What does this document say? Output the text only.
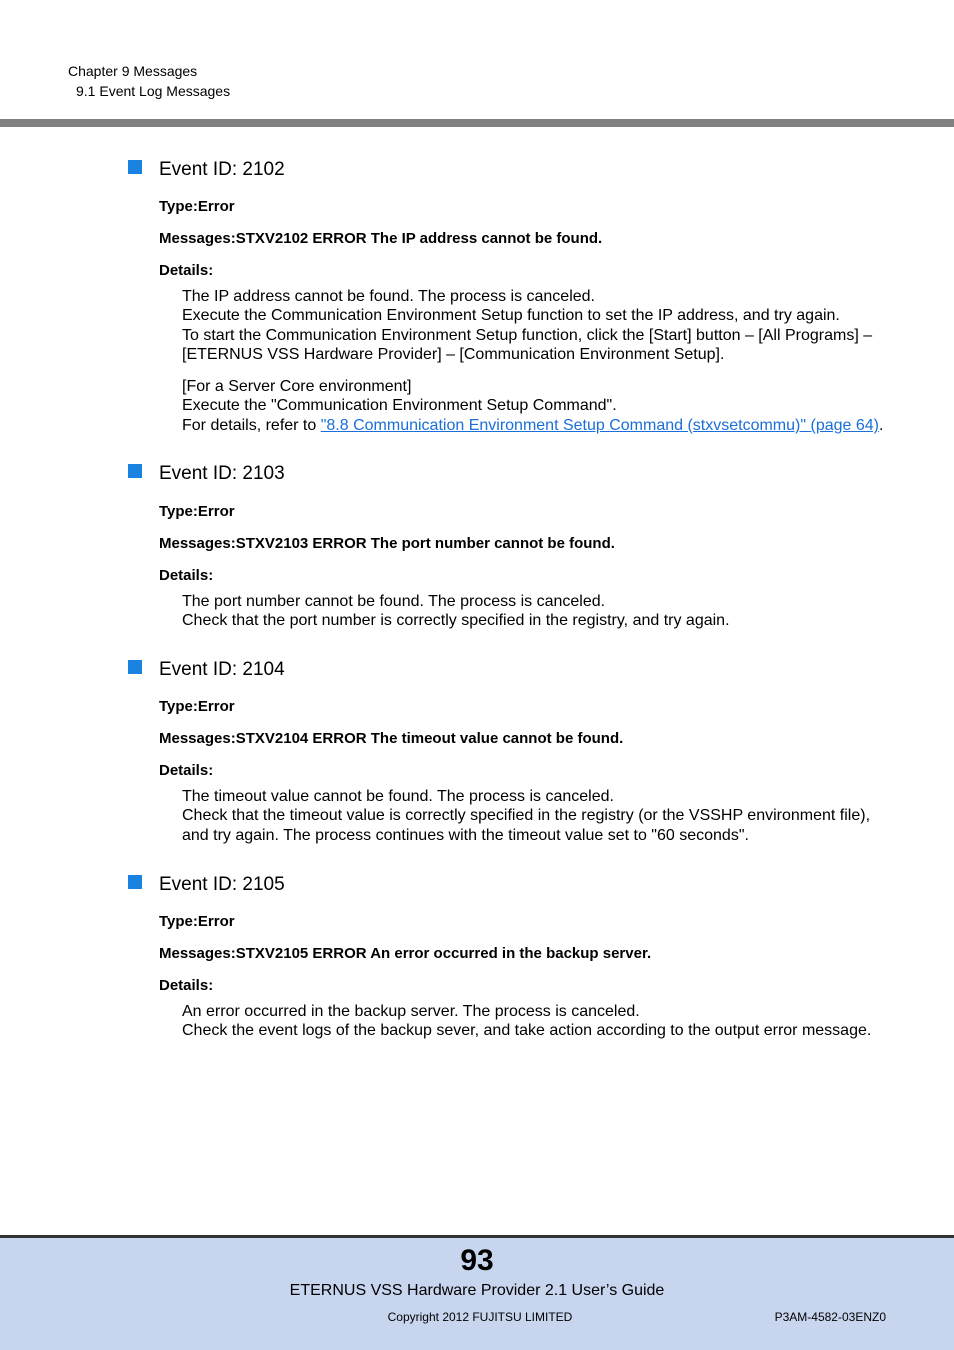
Chapter 9 Messages
9.1 Event Log Messages
Event ID: 2102
Type:Error
Messages:STXV2102 ERROR The IP address cannot be found.
Details:
The IP address cannot be found. The process is canceled.
Execute the Communication Environment Setup function to set the IP address, and try again.
To start the Communication Environment Setup function, click the [Start] button – [All Programs] –
[ETERNUS VSS Hardware Provider] – [Communication Environment Setup].
[For a Server Core environment]
Execute the "Communication Environment Setup Command".
For details, refer to "8.8 Communication Environment Setup Command (stxvsetcommu)" (page 64).
Event ID: 2103
Type:Error
Messages:STXV2103 ERROR The port number cannot be found.
Details:
The port number cannot be found. The process is canceled.
Check that the port number is correctly specified in the registry, and try again.
Event ID: 2104
Type:Error
Messages:STXV2104 ERROR The timeout value cannot be found.
Details:
The timeout value cannot be found. The process is canceled.
Check that the timeout value is correctly specified in the registry (or the VSSHP environment file),
and try again. The process continues with the timeout value set to "60 seconds".
Event ID: 2105
Type:Error
Messages:STXV2105 ERROR An error occurred in the backup server.
Details:
An error occurred in the backup server. The process is canceled.
Check the event logs of the backup sever, and take action according to the output error message.
93
ETERNUS VSS Hardware Provider 2.1 User’s Guide
Copyright 2012 FUJITSU LIMITED	P3AM-4582-03ENZ0
